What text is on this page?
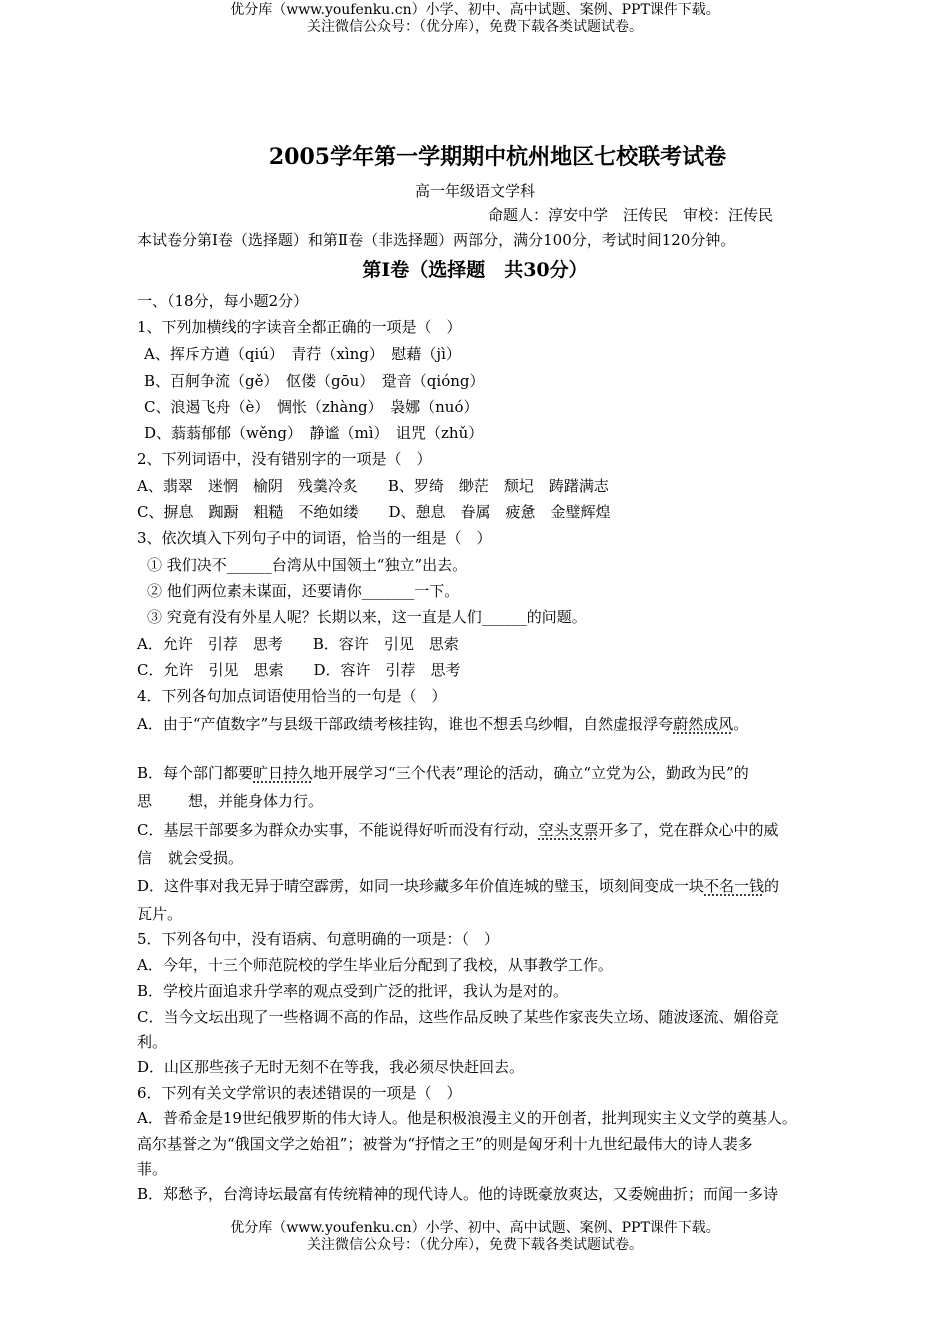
优分库（www.youfenku.cn）小学、初中、高中试题、案例、PPT课件下载。
关注微信公众号：（优分库），免费下载各类试题试卷。
2005学年第一学期期中杭州地区七校联考试卷
高一年级语文学科
命题人：淳安中学　汪传民　审校：汪传民
本试卷分第Ⅰ卷（选择题）和第Ⅱ卷（非选择题）两部分，满分100分，考试时间120分钟。
第Ⅰ卷（选择题　共30分）
一、（18分，每小题2分）
1、下列加横线的字读音全都正确的一项是（　）
A、挥斥方遒（qiú）　青荇（xìng）　慰藉（jì）
B、百舸争流（gě）　伛偻（gōu）　跫音（qióng）
C、浪遏飞舟（è）　惆怅（zhàng）　袅娜（nuó）
D、蓊蓊郁郁（wěng）　静谧（mì）　诅咒（zhǔ）
2、下列词语中，没有错别字的一项是（　）
A、翡翠　迷惘　榆阴　残羹冷炙　　B、罗绮　缈茫　颓圮　踌躇满志
C、摒息　踟蹰　粗糙　不绝如缕　　D、憩息　眷属　疲惫　金璧辉煌
3、依次填入下列句子中的词语，恰当的一组是（　）
① 我们决不______台湾从中国领土“独立”出去。
② 他们两位素未谋面，还要请你_______一下。
③ 究竟有没有外星人呢？长期以来，这一直是人们______的问题。
A．允许　引荐　思考　　B．容许　引见　思索
C．允许　引见　思索　　D．容许　引荐　思考
4．下列各句加点词语使用恰当的一句是（　）
A．由于“产值数字”与县级干部政绩考核挂钩，谁也不想丢乌纱帽，自然虚报浮夸蔚然成风。
B．每个部门都要旷日持久地开展学习“三个代表”理论的活动，确立“立党为公，勤政为民”的
思 想，并能身体力行。
C．基层干部要多为群众办实事，不能说得好听而没有行动，空头支票开多了，党在群众心中的威
信 就会受损。
D．这件事对我无异于晴空霹雳，如同一块珍藏多年价值连城的璧玉，顷刻间变成一块不名一钱的
瓦片。
5．下列各句中，没有语病、句意明确的一项是：（　）
A．今年，十三个师范院校的学生毕业后分配到了我校，从事教学工作。
B．学校片面追求升学率的观点受到广泛的批评，我认为是对的。
C．当今文坛出现了一些格调不高的作品，这些作品反映了某些作家丧失立场、随波逐流、媚俗竞
利。
D．山区那些孩子无时无刻不在等我，我必须尽快赶回去。
6．下列有关文学常识的表述错误的一项是（　）
A．普希金是19世纪俄罗斯的伟大诗人。他是积极浪漫主义的开创者，批判现实主义文学的奠基人。
高尔基誉之为“俄国文学之始祖”；被誉为“抒情之王”的则是匈牙利十九世纪最伟大的诗人裴多
菲。
B．郑愁予，台湾诗坛最富有传统精神的现代诗人。他的诗既豪放爽达，又委婉曲折；而闻一多诗
优分库（www.youfenku.cn）小学、初中、高中试题、案例、PPT课件下载。
关注微信公众号：（优分库），免费下载各类试题试卷。
